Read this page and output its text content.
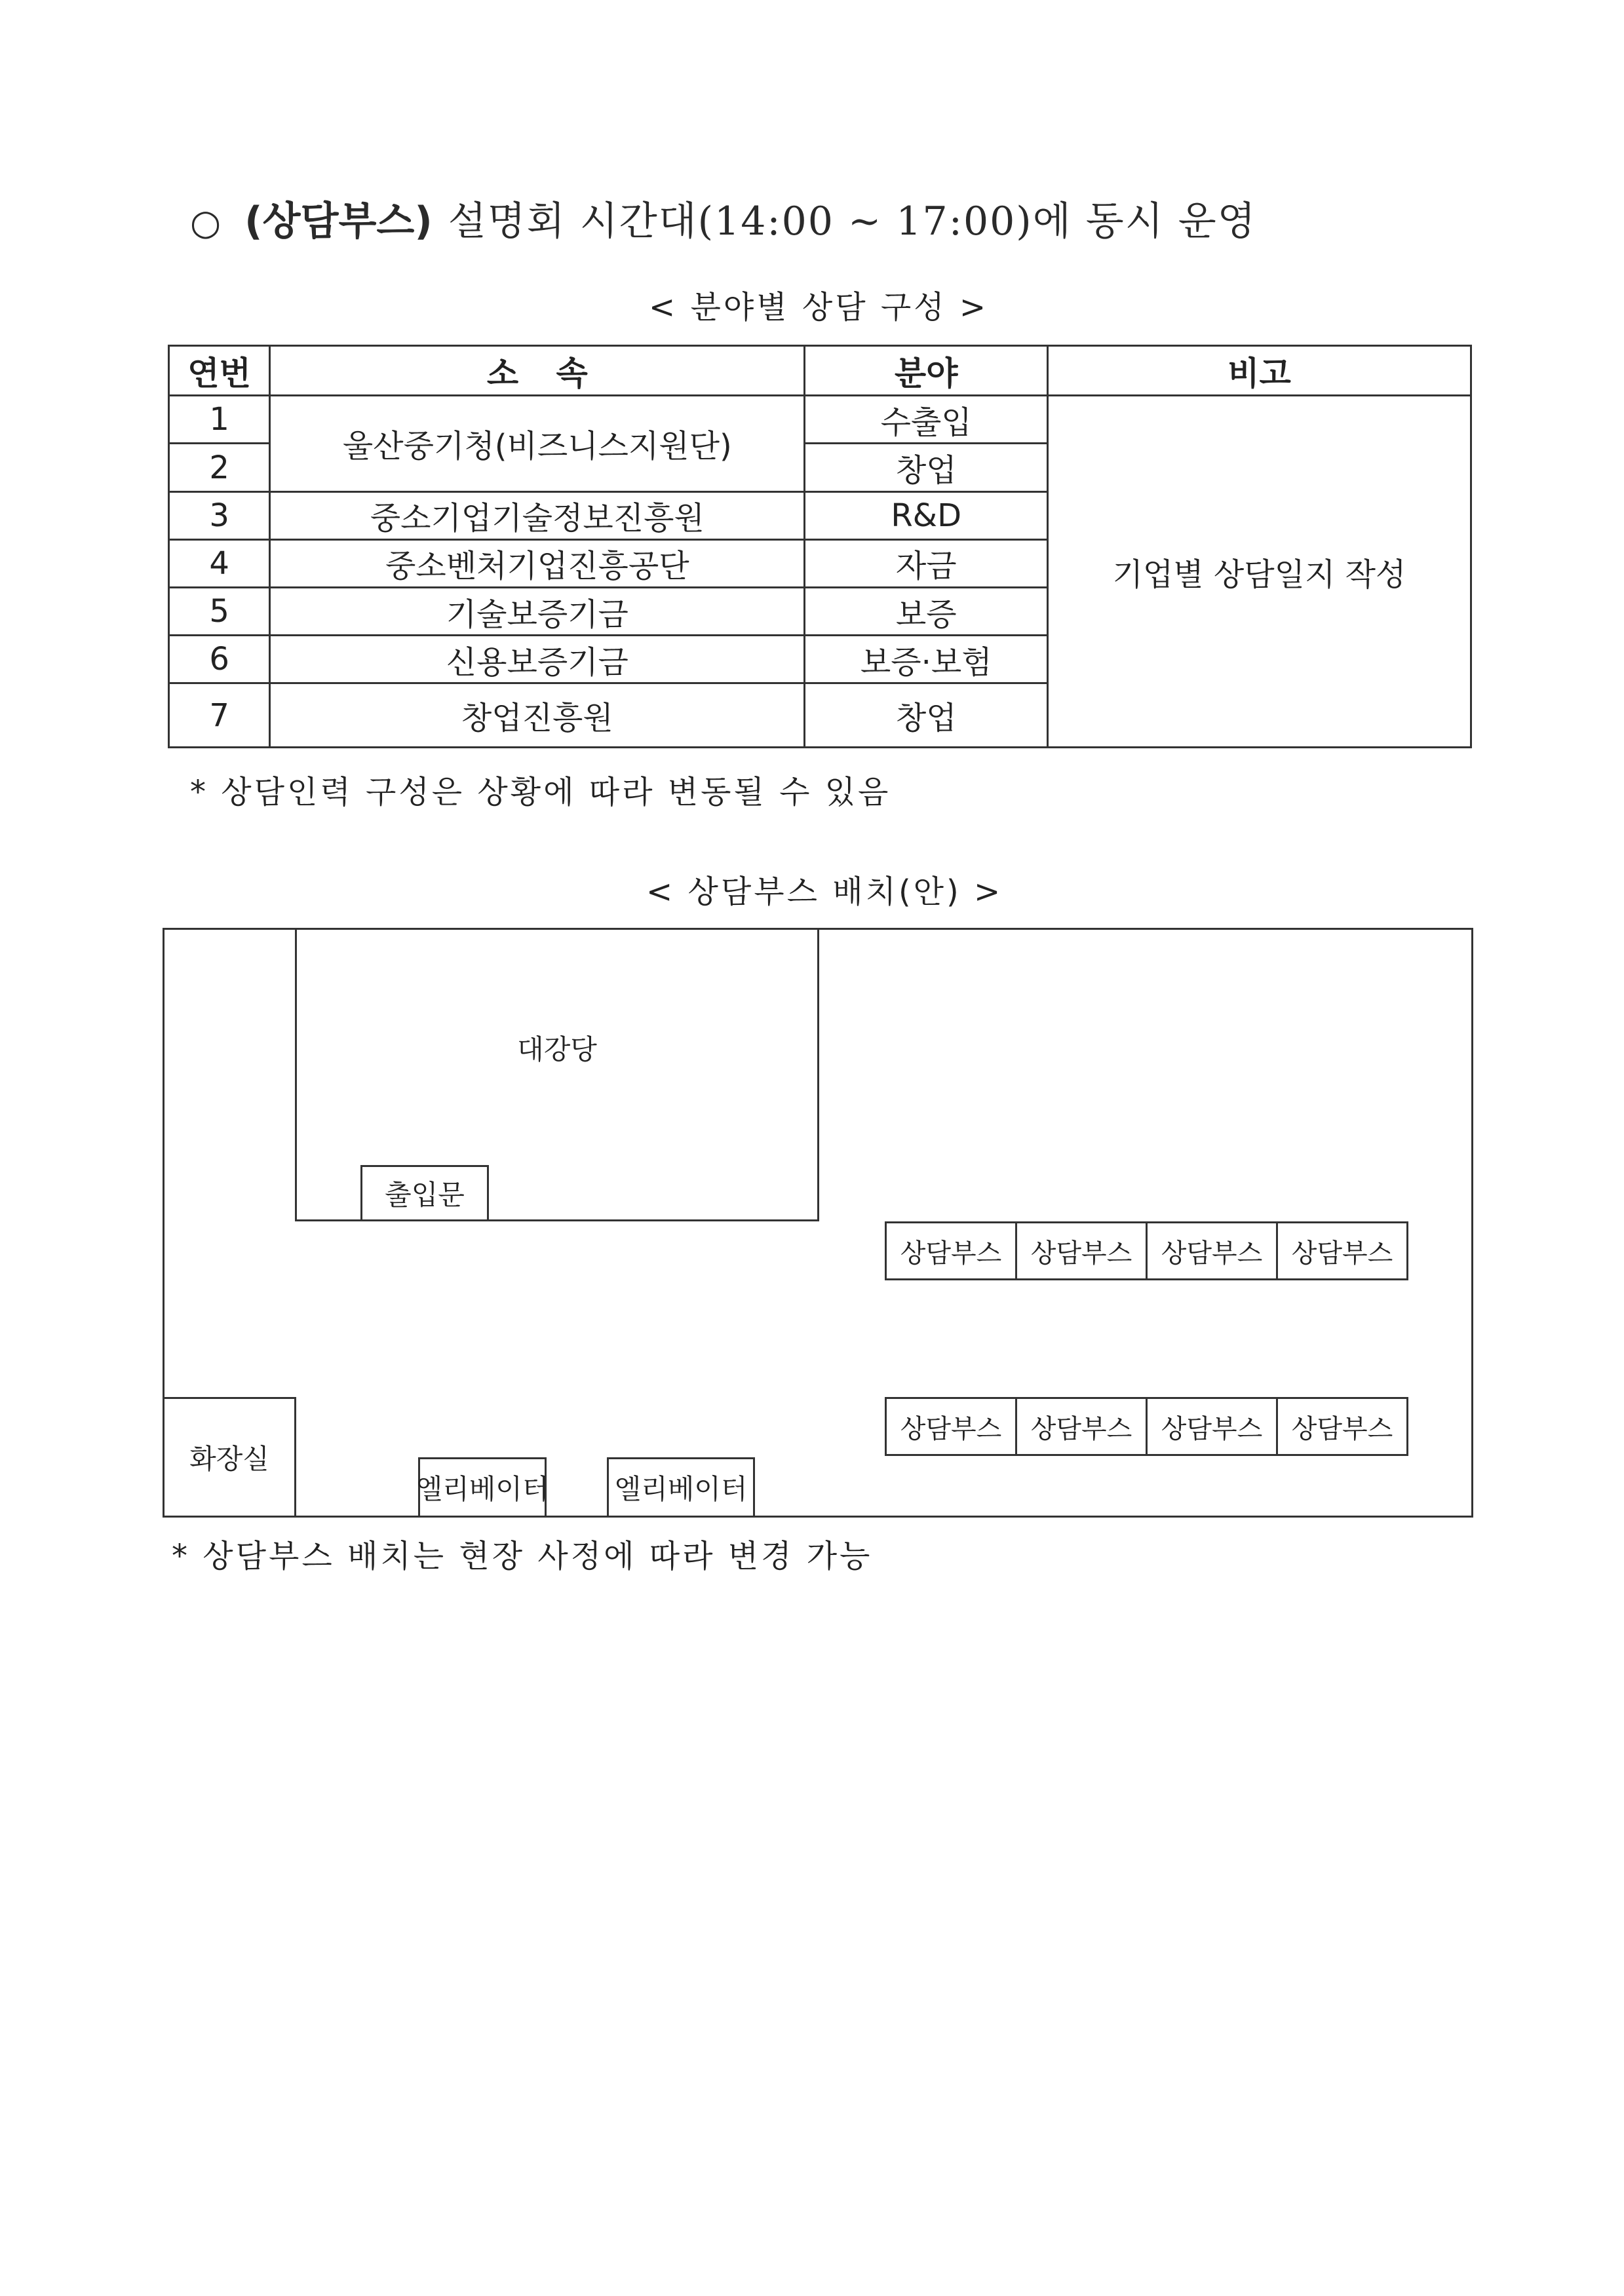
○ (상담부스) 설명회 시간대(14:00 ~ 17:00)에 동시 운영
< 분야별 상담 구성 >
연번	소 속	분야	비고
1	울산중기청(비즈니스지원단)	수출입	기업별 상담일지 작성
2		창업	
3	중소기업기술정보진흥원	R&D	
4	중소벤처기업진흥공단	자금	
5	기술보증기금	보증	
6	신용보증기금	보증·보험	
7	창업진흥원	창업	
* 상담인력 구성은 상황에 따라 변동될 수 있음
< 상담부스 배치(안) >
대강당
출입문
화장실
엘리베이터 엘리베이터
상담부스 상담부스 상담부스 상담부스
상담부스 상담부스 상담부스 상담부스
* 상담부스 배치는 현장 사정에 따라 변경 가능
